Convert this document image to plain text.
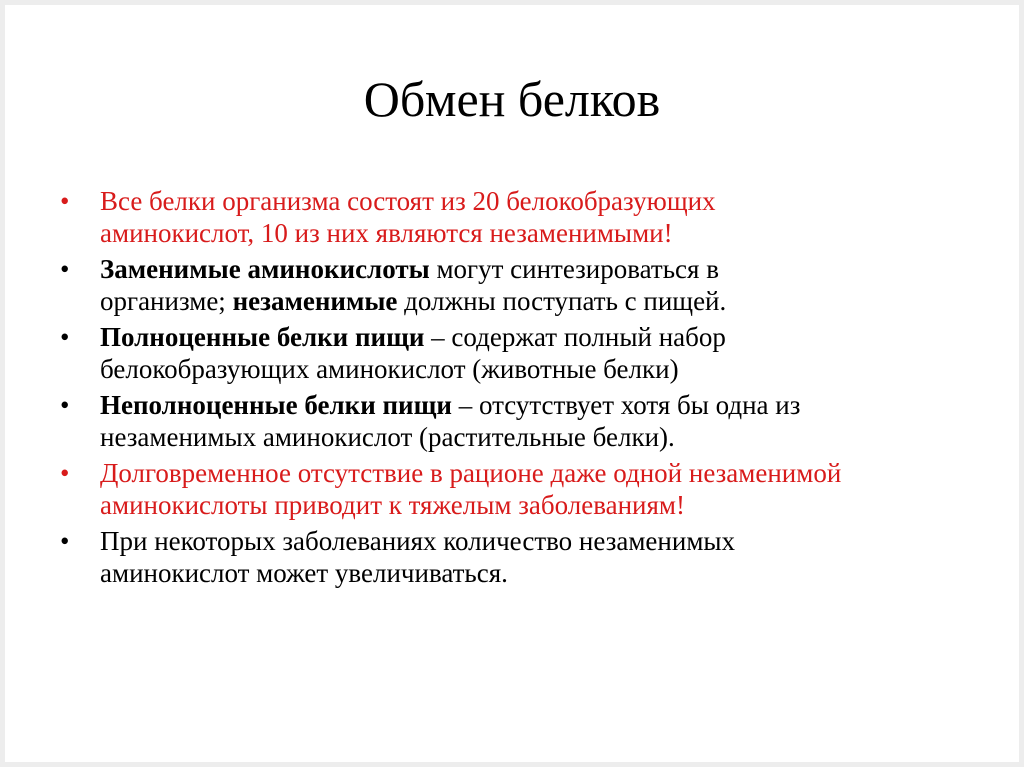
Обмен белков
• Все белки организма состоят из 20 белокобразующих
аминокислот, 10 из них являются незаменимыми!
• Заменимые аминокислоты могут синтезироваться в
организме; незаменимые должны поступать с пищей.
• Полноценные белки пищи – содержат полный набор
белокобразующих аминокислот (животные белки)
• Неполноценные белки пищи – отсутствует хотя бы одна из
незаменимых аминокислот (растительные белки).
• Долговременное отсутствие в рационе даже одной незаменимой
аминокислоты приводит к тяжелым заболеваниям!
• При некоторых заболеваниях количество незаменимых
аминокислот может увеличиваться.
